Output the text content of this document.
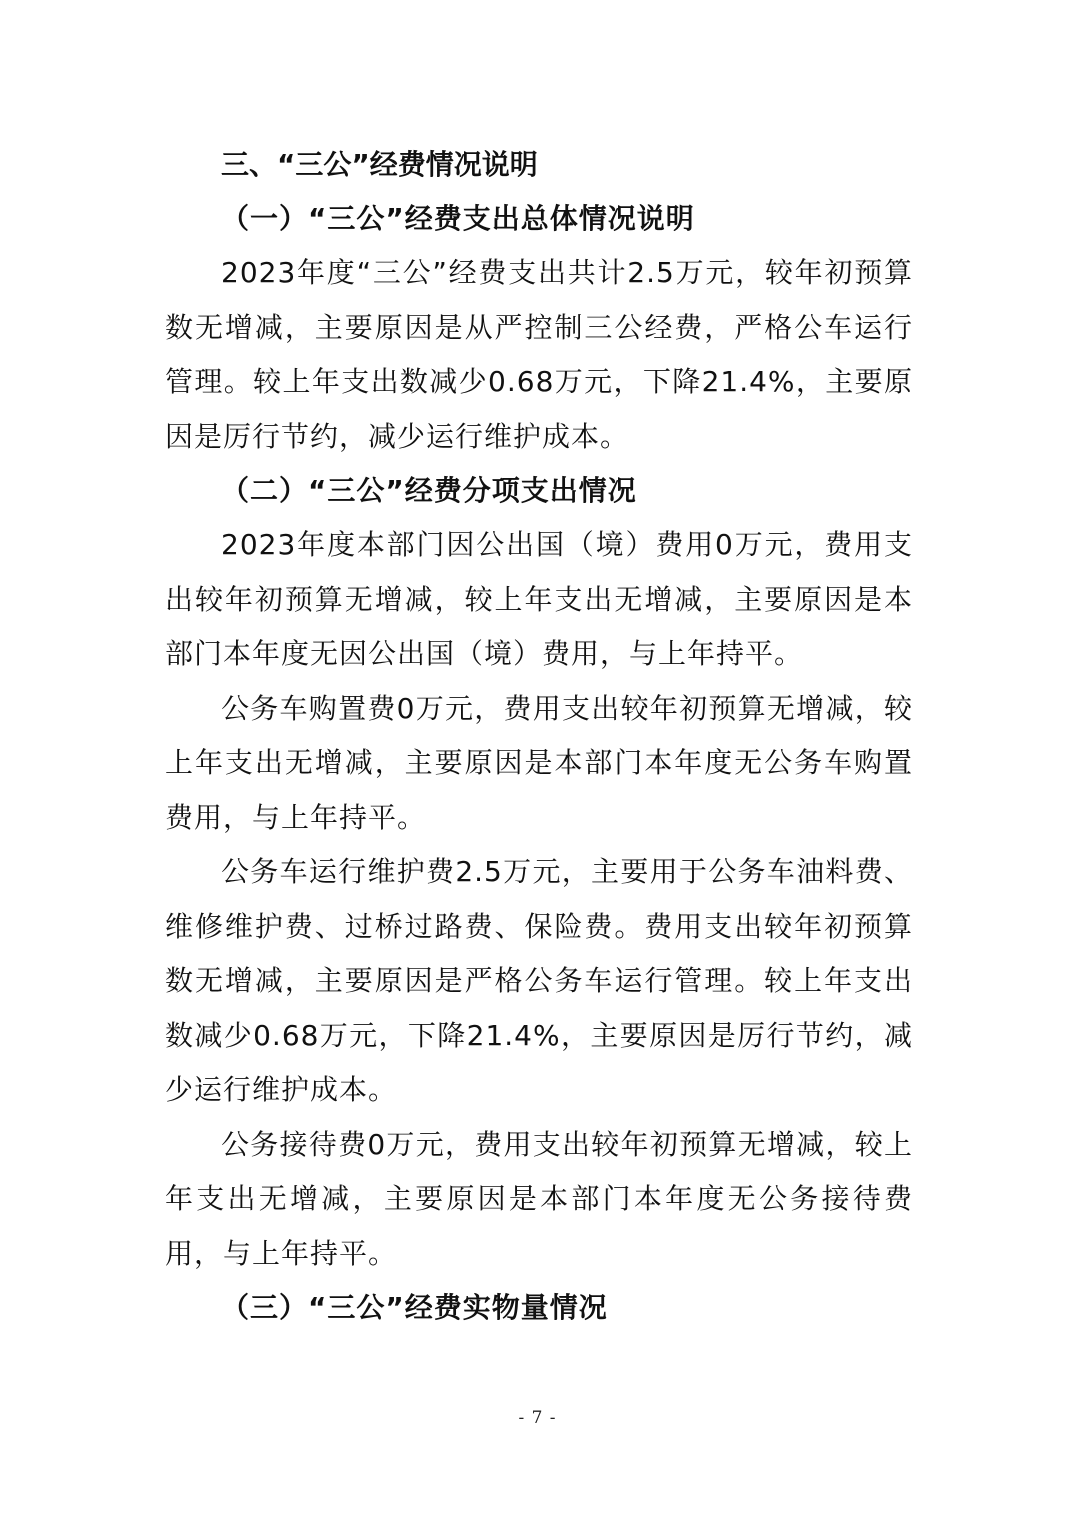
三、“三公”经费情况说明
（一）“三公”经费支出总体情况说明

2023年度“三公”经费支出共计2.5万元，较年初预算数无增减，主要原因是从严控制三公经费，严格公车运行管理。较上年支出数减少0.68万元，下降21.4%，主要原因是厉行节约，减少运行维护成本。

（二）“三公”经费分项支出情况

2023年度本部门因公出国（境）费用0万元，费用支出较年初预算无增减，较上年支出无增减，主要原因是本部门本年度无因公出国（境）费用，与上年持平。

公务车购置费0万元，费用支出较年初预算无增减，较上年支出无增减，主要原因是本部门本年度无公务车购置费用，与上年持平。

公务车运行维护费2.5万元，主要用于公务车油料费、维修维护费、过桥过路费、保险费。费用支出较年初预算数无增减，主要原因是严格公务车运行管理。较上年支出数减少0.68万元，下降21.4%，主要原因是厉行节约，减少运行维护成本。

公务接待费0万元，费用支出较年初预算无增减，较上年支出无增减，主要原因是本部门本年度无公务接待费用，与上年持平。

（三）“三公”经费实物量情况
- 7 -
